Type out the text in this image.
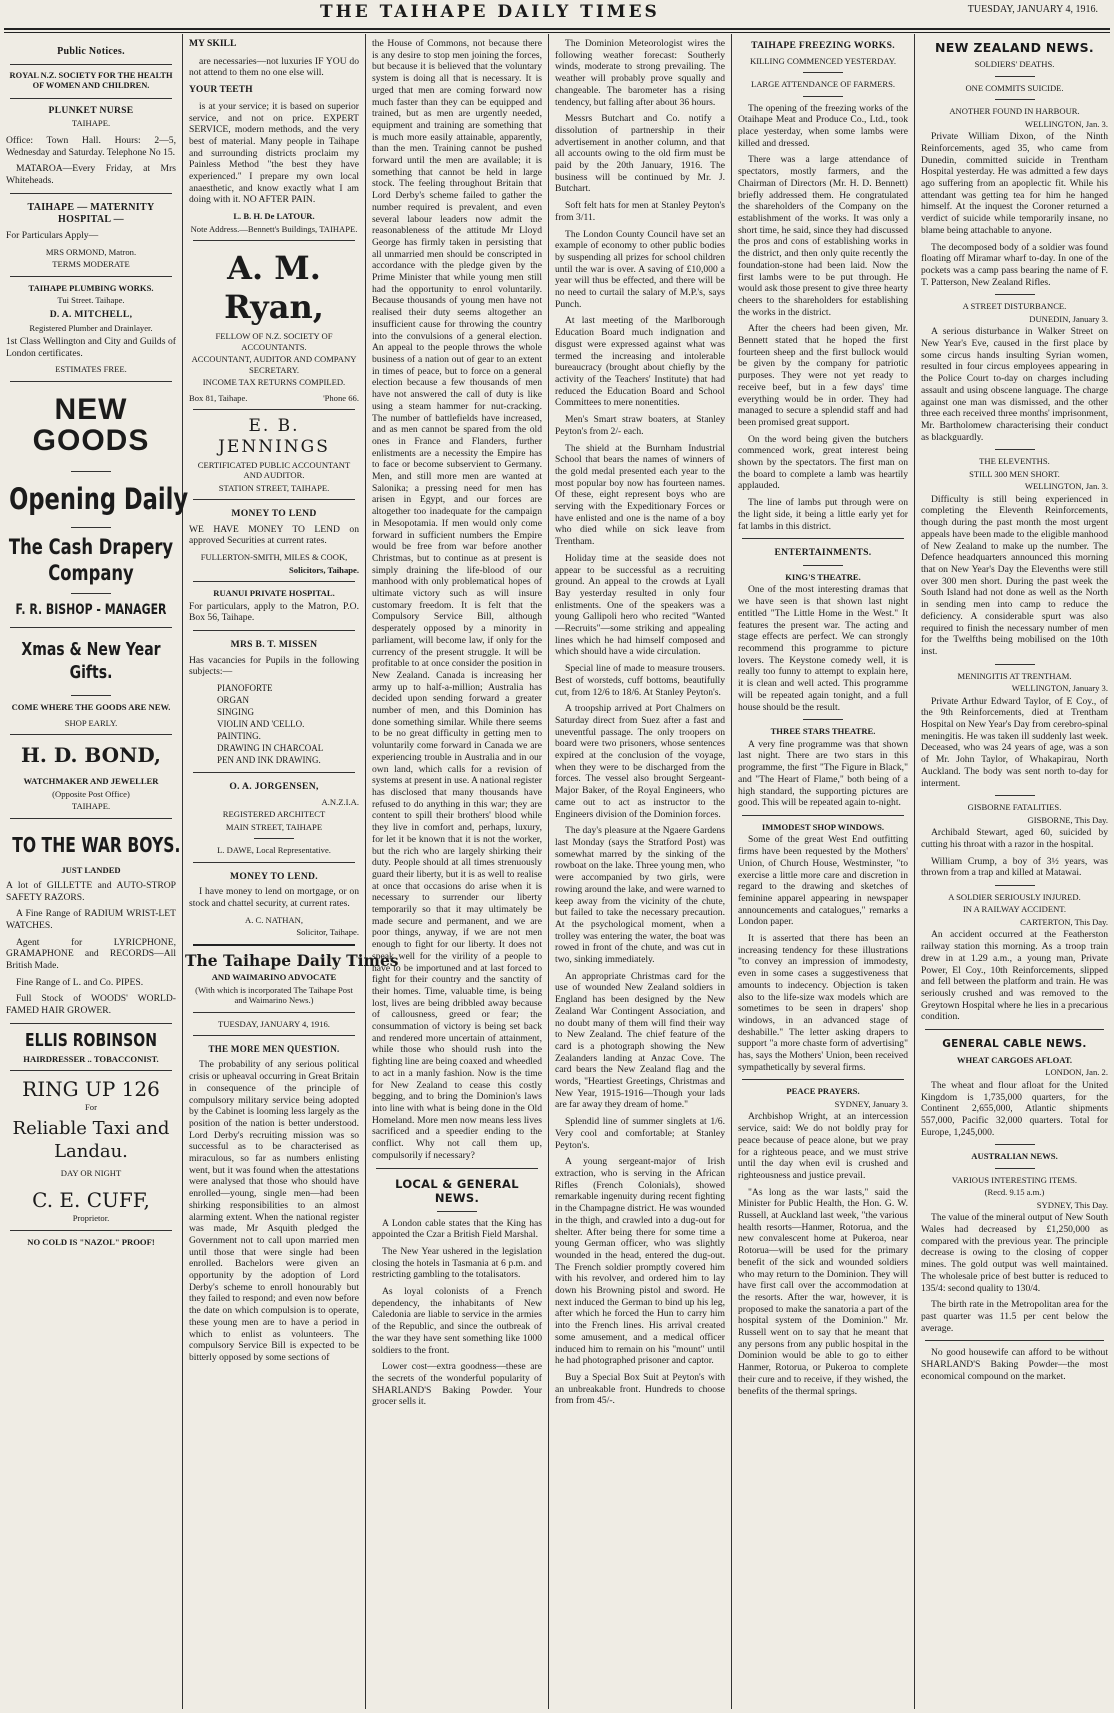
THE TAIHAPE DAILY TIMES	TUESDAY, JANUARY 4, 1916.
Public Notices.
ROYAL N.Z. SOCIETY FOR THE HEALTH OF WOMEN AND CHILDREN.
PLUNKET NURSE
TAIHAPE.

Office: Town Hall. Hours: 2—5, Wednesday and Saturday. Telephone No 15.

MATAROA—Every Friday, at Mrs Whiteheads.

TAIHAPE — MATERNITY HOSPITAL —

For Particulars Apply—

MRS ORMOND, Matron.
TERMS MODERATE
TAIHAPE PLUMBING WORKS.
Tui Street. Taihape.
D. A. MITCHELL,
Registered Plumber and Drainlayer.

1st Class Wellington and City and Guilds of London certificates.

ESTIMATES FREE.
NEW GOODS
Opening Daily
The Cash Drapery Company
F. R. BISHOP - MANAGER
Xmas & New Year Gifts.
COME WHERE THE GOODS ARE NEW.
SHOP EARLY.
H. D. BOND,
WATCHMAKER AND JEWELLER
(Opposite Post Office)
TAIHAPE.
TO THE WAR BOYS.
JUST LANDED

A lot of GILLETTE and AUTO-STROP SAFETY RAZORS.

A Fine Range of RADIUM WRIST-LET WATCHES.

Agent for LYRICPHONE, GRAMAPHONE and RECORDS—All British Made.

Fine Range of L. and Co. PIPES.

Full Stock of WOODS' WORLD-FAMED HAIR GROWER.

ELLIS ROBINSON
HAIRDRESSER .. TOBACCONIST.
RING UP 126
For
Reliable Taxi and Landau.
DAY OR NIGHT
C. E. CUFF,
Proprietor.
NO COLD IS "NAZOL" PROOF!

MY SKILL

are necessaries—not luxuries IF YOU do not attend to them no one else will.

YOUR TEETH

is at your service; it is based on superior service, and not on price. EXPERT SERVICE, modern methods, and the very best of material. Many people in Taihape and surrounding districts proclaim my Painless Method "the best they have experienced." I prepare my own local anaesthetic, and know exactly what I am doing with it. NO AFTER PAIN.

L. B. H. De LATOUR.
Note Address.—Bennett's Buildings, TAIHAPE.
A. M. Ryan,
FELLOW OF N.Z. SOCIETY OF ACCOUNTANTS.
ACCOUNTANT, AUDITOR AND COMPANY SECRETARY.
INCOME TAX RETURNS COMPILED.
Box 81, Taihape.	'Phone 66.
E. B. JENNINGS
CERTIFICATED PUBLIC ACCOUNTANT AND AUDITOR.
STATION STREET, TAIHAPE.
MONEY TO LEND

WE HAVE MONEY TO LEND on approved Securities at current rates.

FULLERTON-SMITH, MILES & COOK,
Solicitors, Taihape.
RUANUI PRIVATE HOSPITAL.

For particulars, apply to the Matron, P.O. Box 56, Taihape.

MRS B. T. MISSEN

Has vacancies for Pupils in the following subjects:—

PIANOFORTE
ORGAN
SINGING
VIOLIN AND 'CELLO.
PAINTING.
DRAWING IN CHARCOAL
PEN AND INK DRAWING.
O. A. JORGENSEN,
A.N.Z.I.A.
REGISTERED ARCHITECT
MAIN STREET, TAIHAPE
L. DAWE, Local Representative.
MONEY TO LEND.

I have money to lend on mortgage, or on stock and chattel security, at current rates.

A. C. NATHAN,
Solicitor, Taihape.
The Taihape Daily Times
AND WAIMARINO ADVOCATE
(With which is incorporated The Taihape Post and Waimarino News.)
TUESDAY, JANUARY 4, 1916.
THE MORE MEN QUESTION.

The probability of any serious political crisis or upheaval occurring in Great Britain in consequence of the principle of compulsory military service being adopted by the Cabinet is looming less largely as the position of the nation is better understood. Lord Derby's recruiting mission was so successful as to be characterised as miraculous, so far as numbers enlisting went, but it was found when the attestations were analysed that those who should have enrolled—young, single men—had been shirking responsibilities to an almost alarming extent. When the national register was made, Mr Asquith pledged the Government not to call upon married men until those that were single had been enrolled. Bachelors were given an opportunity by the adoption of Lord Derby's scheme to enroll honourably but they failed to respond; and even now before the date on which compulsion is to operate, these young men are to have a period in which to enlist as volunteers. The compulsory Service Bill is expected to be bitterly opposed by some sections of

the House of Commons, not because there is any desire to stop men joining the forces, but because it is believed that the voluntary system is doing all that is necessary. It is urged that men are coming forward now much faster than they can be equipped and trained, but as men are urgently needed, equipment and training are something that is much more easily attainable, apparently, than the men. Training cannot be pushed forward until the men are available; it is something that cannot be held in large stock. The feeling throughout Britain that Lord Derby's scheme failed to gather the number required is prevalent, and even several labour leaders now admit the reasonableness of the attitude Mr Lloyd George has firmly taken in persisting that all unmarried men should be conscripted in accordance with the pledge given by the Prime Minister that while young men still had the opportunity to enrol voluntarily. Because thousands of young men have not realised their duty seems altogether an insufficient cause for throwing the country into the convulsions of a general election. An appeal to the people throws the whole business of a nation out of gear to an extent in times of peace, but to force on a general election because a few thousands of men have not answered the call of duty is like using a steam hammer for nut-cracking. The number of battlefields have increased, and as men cannot be spared from the old ones in France and Flanders, further enlistments are a necessity the Empire has to face or become subservient to Germany. Men, and still more men are wanted at Salonika; a pressing need for men has arisen in Egypt, and our forces are altogether too inadequate for the campaign in Mesopotamia. If men would only come forward in sufficient numbers the Empire would be free from war before another Christmas, but to continue as at present is simply draining the life-blood of our manhood with only problematical hopes of ultimate victory such as will insure customary freedom. It is felt that the Compulsory Service Bill, although desperately opposed by a minority in parliament, will become law, if only for the currency of the present struggle. It will be profitable to at once consider the position in New Zealand. Canada is increasing her army up to half-a-million; Australia has decided upon sending forward a greater number of men, and this Dominion has done something similar. While there seems to be no great difficulty in getting men to voluntarily come forward in Canada we are experiencing trouble in Australia and in our own land, which calls for a revision of systems at present in use. A national register has disclosed that many thousands have refused to do anything in this war; they are content to spill their brothers' blood while they live in comfort and, perhaps, luxury, for let it be known that it is not the worker, but the rich who are largely shirking their duty. People should at all times strenuously guard their liberty, but it is as well to realise at once that occasions do arise when it is necessary to surrender our liberty temporarily so that it may ultimately be made secure and permanent, and we are poor things, anyway, if we are not men enough to fight for our liberty. It does not speak well for the virility of a people to have to be importuned and at last forced to fight for their country and the sanctity of their homes. Time, valuable time, is being lost, lives are being dribbled away because of callousness, greed or fear; the consummation of victory is being set back and rendered more uncertain of attainment, while those who should rush into the fighting line are being coaxed and wheedled to act in a manly fashion. Now is the time for New Zealand to cease this costly begging, and to bring the Dominion's laws into line with what is being done in the Old Homeland. More men now means less lives sacrificed and a speedier ending to the conflict. Why not call them up, compulsorily if necessary?

LOCAL & GENERAL NEWS.

A London cable states that the King has appointed the Czar a British Field Marshal.

The New Year ushered in the legislation closing the hotels in Tasmania at 6 p.m. and restricting gambling to the totalisators.

As loyal colonists of a French dependency, the inhabitants of New Caledonia are liable to service in the armies of the Republic, and since the outbreak of the war they have sent something like 1000 soldiers to the front.

Lower cost—extra goodness—these are the secrets of the wonderful popularity of SHARLAND'S Baking Powder. Your grocer sells it.

The Dominion Meteorologist wires the following weather forecast: Southerly winds, moderate to strong prevailing. The weather will probably prove squally and changeable. The barometer has a rising tendency, but falling after about 36 hours.

Messrs Butchart and Co. notify a dissolution of partnership in their advertisement in another column, and that all accounts owing to the old firm must be paid by the 20th January, 1916. The business will be continued by Mr. J. Butchart.

Soft felt hats for men at Stanley Peyton's from 3/11.

The London County Council have set an example of economy to other public bodies by suspending all prizes for school children until the war is over. A saving of £10,000 a year will thus be effected, and there will be no need to curtail the salary of M.P.'s, says Punch.

At last meeting of the Marlborough Education Board much indignation and disgust were expressed against what was termed the increasing and intolerable bureaucracy (brought about chiefly by the activity of the Teachers' Institute) that had reduced the Education Board and School Committees to mere nonentities.

Men's Smart straw boaters, at Stanley Peyton's from 2/- each.

The shield at the Burnham Industrial School that bears the names of winners of the gold medal presented each year to the most popular boy now has fourteen names. Of these, eight represent boys who are serving with the Expeditionary Forces or have enlisted and one is the name of a boy who died while on sick leave from Trentham.

Holiday time at the seaside does not appear to be successful as a recruiting ground. An appeal to the crowds at Lyall Bay yesterday resulted in only four enlistments. One of the speakers was a young Gallipoli hero who recited "Wanted—Recruits"—some striking and appealing lines which he had himself composed and which should have a wide circulation.

Special line of made to measure trousers. Best of worsteds, cuff bottoms, beautifully cut, from 12/6 to 18/6. At Stanley Peyton's.

A troopship arrived at Port Chalmers on Saturday direct from Suez after a fast and uneventful passage. The only troopers on board were two prisoners, whose sentences expired at the conclusion of the voyage, when they were to be discharged from the forces. The vessel also brought Sergeant-Major Baker, of the Royal Engineers, who came out to act as instructor to the Engineers division of the Dominion forces.

The day's pleasure at the Ngaere Gardens last Monday (says the Stratford Post) was somewhat marred by the sinking of the rowboat on the lake. Three young men, who were accompanied by two girls, were rowing around the lake, and were warned to keep away from the vicinity of the chute, but failed to take the necessary precaution. At the psychological moment, when a trolley was entering the water, the boat was rowed in front of the chute, and was cut in two, sinking immediately.

An appropriate Christmas card for the use of wounded New Zealand soldiers in England has been designed by the New Zealand War Contingent Association, and no doubt many of them will find their way to New Zealand. The chief feature of the card is a photograph showing the New Zealanders landing at Anzac Cove. The card bears the New Zealand flag and the words, "Heartiest Greetings, Christmas and New Year, 1915-1916—Though your lads are far away they dream of home."

Splendid line of summer singlets at 1/6. Very cool and comfortable; at Stanley Peyton's.

A young sergeant-major of Irish extraction, who is serving in the African Rifles (French Colonials), showed remarkable ingenuity during recent fighting in the Champagne district. He was wounded in the thigh, and crawled into a dug-out for shelter. After being there for some time a young German officer, who was slightly wounded in the head, entered the dug-out. The French soldier promptly covered him with his revolver, and ordered him to lay down his Browning pistol and sword. He next induced the German to bind up his leg, after which he forced the Hun to carry him into the French lines. His arrival created some amusement, and a medical officer induced him to remain on his "mount" until he had photographed prisoner and captor.

Buy a Special Box Suit at Peyton's with an unbreakable front. Hundreds to choose from from 45/-.

TAIHAPE FREEZING WORKS.
KILLING COMMENCED YESTERDAY.
LARGE ATTENDANCE OF FARMERS.

The opening of the freezing works of the Otaihape Meat and Produce Co., Ltd., took place yesterday, when some lambs were killed and dressed.

There was a large attendance of spectators, mostly farmers, and the Chairman of Directors (Mr. H. D. Bennett) briefly addressed them. He congratulated the shareholders of the Company on the establishment of the works. It was only a short time, he said, since they had discussed the pros and cons of establishing works in the district, and then only quite recently the foundation-stone had been laid. Now the first lambs were to be put through. He would ask those present to give three hearty cheers to the shareholders for establishing the works in the district.

After the cheers had been given, Mr. Bennett stated that he hoped the first fourteen sheep and the first bullock would be given by the company for patriotic purposes. They were not yet ready to receive beef, but in a few days' time everything would be in order. They had managed to secure a splendid staff and had been promised great support.

On the word being given the butchers commenced work, great interest being shown by the spectators. The first man on the board to complete a lamb was heartily applauded.

The line of lambs put through were on the light side, it being a little early yet for fat lambs in this district.

ENTERTAINMENTS.
KING'S THEATRE.

One of the most interesting dramas that we have seen is that shown last night entitled "The Little Home in the West." It features the present war. The acting and stage effects are perfect. We can strongly recommend this programme to picture lovers. The Keystone comedy well, it is really too funny to attempt to explain here, it is clean and well acted. This programme will be repeated again tonight, and a full house should be the result.

THREE STARS THEATRE.

A very fine programme was that shown last night. There are two stars in this programme, the first "The Figure in Black," and "The Heart of Flame," both being of a high standard, the supporting pictures are good. This will be repeated again to-night.

IMMODEST SHOP WINDOWS.

Some of the great West End outfitting firms have been requested by the Mothers' Union, of Church House, Westminster, "to exercise a little more care and discretion in regard to the drawing and sketches of feminine apparel appearing in newspaper announcements and catalogues," remarks a London paper.

It is asserted that there has been an increasing tendency for these illustrations "to convey an impression of immodesty, even in some cases a suggestiveness that amounts to indecency. Objection is taken also to the life-size wax models which are sometimes to be seen in drapers' shop windows, in an advanced stage of deshabille." The letter asking drapers to support "a more chaste form of advertising" has, says the Mothers' Union, been received sympathetically by several firms.

PEACE PRAYERS.
SYDNEY, January 3.

Archbishop Wright, at an intercession service, said: We do not boldly pray for peace because of peace alone, but we pray for a righteous peace, and we must strive until the day when evil is crushed and righteousness and justice prevail.

"As long as the war lasts," said the Minister for Public Health, the Hon. G. W. Russell, at Auckland last week, "the various health resorts—Hanmer, Rotorua, and the new convalescent home at Pukeroa, near Rotorua—will be used for the primary benefit of the sick and wounded soldiers who may return to the Dominion. They will have first call over the accommodation at the resorts. After the war, however, it is proposed to make the sanatoria a part of the hospital system of the Dominion." Mr. Russell went on to say that he meant that any persons from any public hospital in the Dominion would be able to go to either Hanmer, Rotorua, or Pukeroa to complete their cure and to receive, if they wished, the benefits of the thermal springs.

NEW ZEALAND NEWS.
SOLDIERS' DEATHS.
ONE COMMITS SUICIDE.
ANOTHER FOUND IN HARBOUR.
WELLINGTON, Jan. 3.

Private William Dixon, of the Ninth Reinforcements, aged 35, who came from Dunedin, committed suicide in Trentham Hospital yesterday. He was admitted a few days ago suffering from an apoplectic fit. While his attendant was getting tea for him he hanged himself. At the inquest the Coroner returned a verdict of suicide while temporarily insane, no blame being attachable to anyone.

The decomposed body of a soldier was found floating off Miramar wharf to-day. In one of the pockets was a camp pass bearing the name of F. T. Patterson, New Zealand Rifles.

A STREET DISTURBANCE.
DUNEDIN, January 3.

A serious disturbance in Walker Street on New Year's Eve, caused in the first place by some circus hands insulting Syrian women, resulted in four circus employees appearing in the Police Court to-day on charges including assault and using obscene language. The charge against one man was dismissed, and the other three each received three months' imprisonment, Mr. Bartholomew characterising their conduct as blackguardly.

THE ELEVENTHS.
STILL 300 MEN SHORT.
WELLINGTON, Jan. 3.

Difficulty is still being experienced in completing the Eleventh Reinforcements, though during the past month the most urgent appeals have been made to the eligible manhood of New Zealand to make up the number. The Defence headquarters announced this morning that on New Year's Day the Elevenths were still over 300 men short. During the past week the South Island had not done as well as the North in sending men into camp to reduce the deficiency. A considerable spurt was also required to finish the necessary number of men for the Twelfths being mobilised on the 10th inst.

MENINGITIS AT TRENTHAM.
WELLINGTON, January 3.

Private Arthur Edward Taylor, of E Coy., of the 9th Reinforcements, died at Trentham Hospital on New Year's Day from cerebro-spinal meningitis. He was taken ill suddenly last week. Deceased, who was 24 years of age, was a son of Mr. John Taylor, of Whakapirau, North Auckland. The body was sent north to-day for interment.

GISBORNE FATALITIES.
GISBORNE, This Day.

Archibald Stewart, aged 60, suicided by cutting his throat with a razor in the hospital.

William Crump, a boy of 3½ years, was thrown from a trap and killed at Matawai.

A SOLDIER SERIOUSLY INJURED.
IN A RAILWAY ACCIDENT.
CARTERTON, This Day.

An accident occurred at the Featherston railway station this morning. As a troop train drew in at 1.29 a.m., a young man, Private Power, El Coy., 10th Reinforcements, slipped and fell between the platform and train. He was seriously crushed and was removed to the Greytown Hospital where he lies in a precarious condition.

GENERAL CABLE NEWS.
WHEAT CARGOES AFLOAT.
LONDON, Jan. 2.

The wheat and flour afloat for the United Kingdom is 1,735,000 quarters, for the Continent 2,655,000, Atlantic shipments 557,000, Pacific 32,000 quarters. Total for Europe, 1,245,000.

AUSTRALIAN NEWS.
VARIOUS INTERESTING ITEMS.
(Recd. 9.15 a.m.)
SYDNEY, This Day.

The value of the mineral output of New South Wales had decreased by £1,250,000 as compared with the previous year. The principle decrease is owing to the closing of copper mines. The gold output was well maintained. The wholesale price of best butter is reduced to 135/4: second quality to 130/4.

The birth rate in the Metropolitan area for the past quarter was 11.5 per cent below the average.

No good housewife can afford to be without SHARLAND'S Baking Powder—the most economical compound on the market.
